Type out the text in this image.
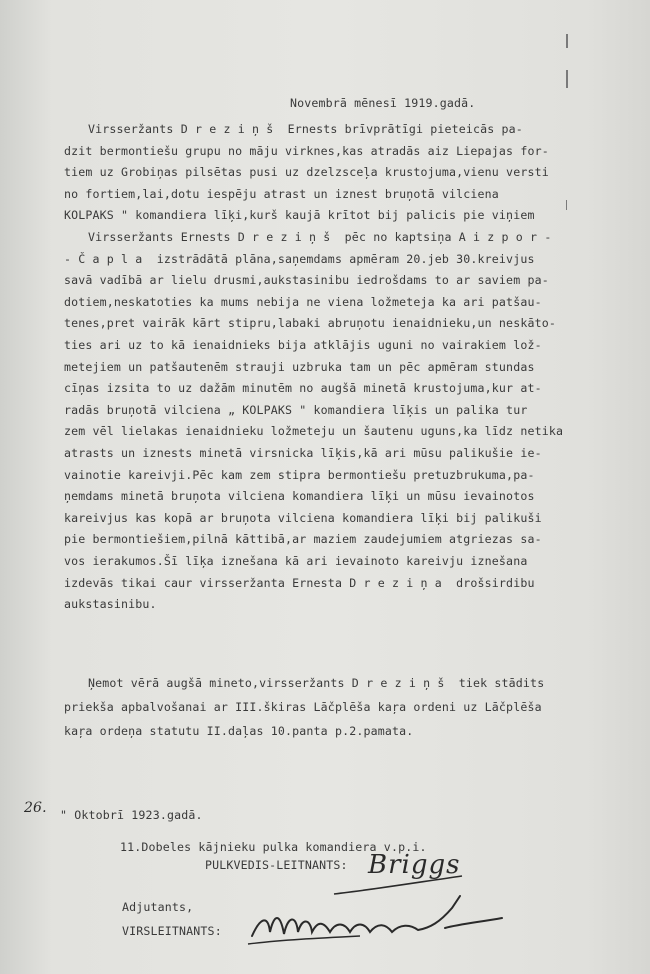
Novembrā mēnesī 1919.gadā.
Virsseržants D r e z i ņ š  Ernests brīvprātīgi pieteicās pa-
dzit bermontiešu grupu no māju virknes,kas atradās aiz Liepajas for-
tiem uz Grobiņas pilsētas pusi uz dzelzsceļa krustojuma,vienu versti
no fortiem,lai,dotu iespēju atrast un iznest bruņotā vilciena
KOLPAKS " komandiera līķi,kurš kaujā krītot bij palicis pie viņiem
Virsseržants Ernests D r e z i ņ š  pēc no kaptsiņa A i z p o r -
- Č a p l a  izstrādātā plāna,saņemdams apmēram 20.jeb 30.kreivjus
savā vadībā ar lielu drusmi,aukstasinibu iedrošdams to ar saviem pa-
dotiem,neskatoties ka mums nebija ne viena ložmeteja ka ari patšau-
tenes,pret vairāk kārt stipru,labaki abruņotu ienaidnieku,un neskāto-
ties ari uz to kā ienaidnieks bija atklājis uguni no vairakiem lož-
metejiem un patšautenēm strauji uzbruka tam un pēc apmēram stundas
cīņas izsita to uz dažām minutēm no augšā minetā krustojuma,kur at-
radās bruņotā vilciena „ KOLPAKS " komandiera līķis un palika tur
zem vēl lielakas ienaidnieku ložmeteju un šautenu uguns,ka līdz netika
atrasts un iznests minetā virsnicka līķis,kā ari mūsu palikušie ie-
vainotie kareivji.Pēc kam zem stipra bermontiešu pretuzbrukuma,pa-
ņemdams minetā bruņota vilciena komandiera līķi un mūsu ievainotos
kareivjus kas kopā ar bruņota vilciena komandiera līķi bij palikuši
pie bermontiešiem,pilnā kāttibā,ar maziem zaudejumiem atgriezas sa-
vos ierakumos.Šī līķa iznešana kā ari ievainoto kareivju iznešana
izdevās tikai caur virsseržanta Ernesta D r e z i ņ a  drošsirdibu
aukstasinibu.
Ņemot vērā augšā mineto,virsseržants D r e z i ņ š  tiek stādits
priekša apbalvošanai ar III.škiras Lāčplēša kaŗa ordeni uz Lāčplēša
kaŗa ordeņa statutu II.daļas 10.panta p.2.pamata.
26. " Oktobrī 1923.gadā.
11.Dobeles kājnieku pulka komandiera v.p.i.
PULKVEDIS-LEITNANTS: Briggs
Adjutants,
VIRSLEITNANTS:
